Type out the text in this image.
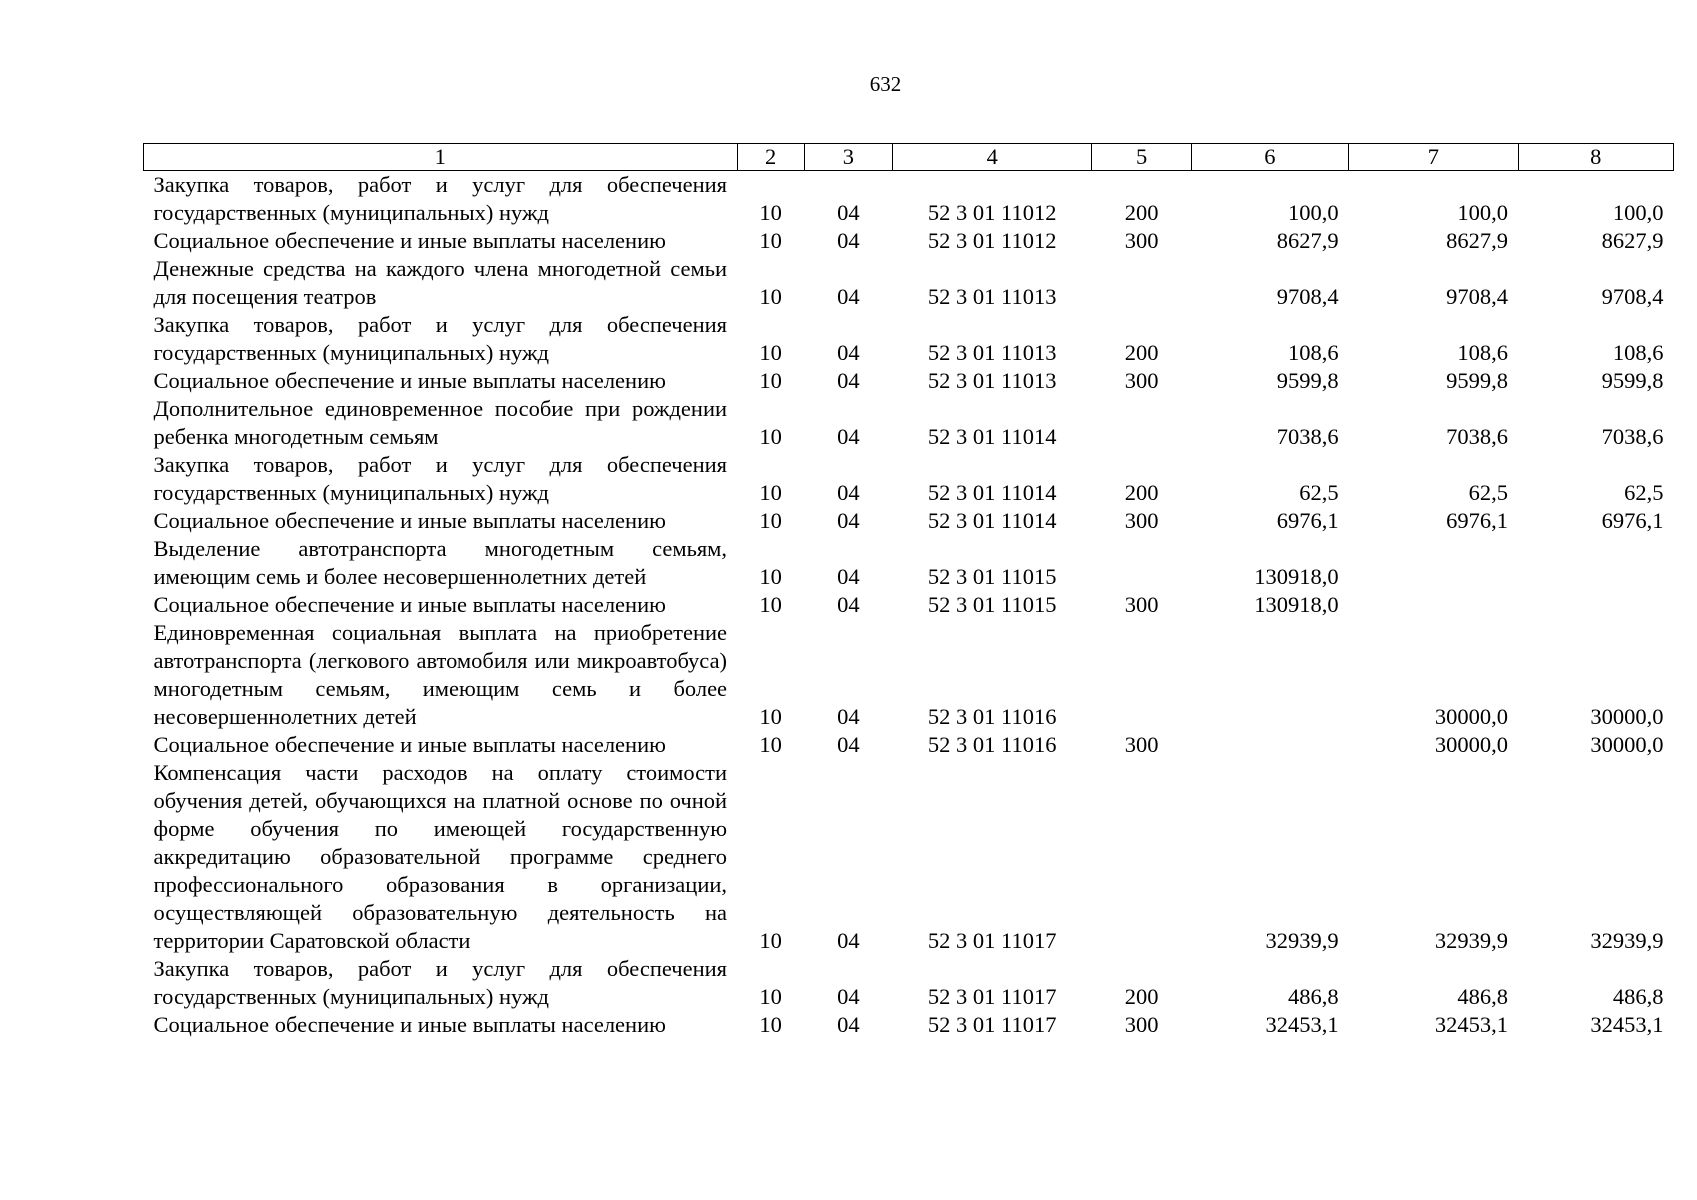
632
1	2	3	4	5	6	7	8
Закупка товаров, работ и услуг для обеспечения государственных (муниципальных) нужд	10	04	52 3 01 11012	200	100,0	100,0	100,0
Социальное обеспечение и иные выплаты населению	10	04	52 3 01 11012	300	8627,9	8627,9	8627,9
Денежные средства на каждого члена многодетной семьи для посещения театров	10	04	52 3 01 11013		9708,4	9708,4	9708,4
Закупка товаров, работ и услуг для обеспечения государственных (муниципальных) нужд	10	04	52 3 01 11013	200	108,6	108,6	108,6
Социальное обеспечение и иные выплаты населению	10	04	52 3 01 11013	300	9599,8	9599,8	9599,8
Дополнительное единовременное пособие при рождении ребенка многодетным семьям	10	04	52 3 01 11014		7038,6	7038,6	7038,6
Закупка товаров, работ и услуг для обеспечения государственных (муниципальных) нужд	10	04	52 3 01 11014	200	62,5	62,5	62,5
Социальное обеспечение и иные выплаты населению	10	04	52 3 01 11014	300	6976,1	6976,1	6976,1
Выделение автотранспорта многодетным семьям, имеющим семь и более несовершеннолетних детей	10	04	52 3 01 11015		130918,0		
Социальное обеспечение и иные выплаты населению	10	04	52 3 01 11015	300	130918,0		
Единовременная социальная выплата на приобретение автотранспорта (легкового автомобиля или микроавтобуса) многодетным семьям, имеющим семь и более несовершеннолетних детей	10	04	52 3 01 11016			30000,0	30000,0
Социальное обеспечение и иные выплаты населению	10	04	52 3 01 11016	300		30000,0	30000,0
Компенсация части расходов на оплату стоимости обучения детей, обучающихся на платной основе по очной форме обучения по имеющей государственную аккредитацию образовательной программе среднего профессионального образования в организации, осуществляющей образовательную деятельность на территории Саратовской области	10	04	52 3 01 11017		32939,9	32939,9	32939,9
Закупка товаров, работ и услуг для обеспечения государственных (муниципальных) нужд	10	04	52 3 01 11017	200	486,8	486,8	486,8
Социальное обеспечение и иные выплаты населению	10	04	52 3 01 11017	300	32453,1	32453,1	32453,1
